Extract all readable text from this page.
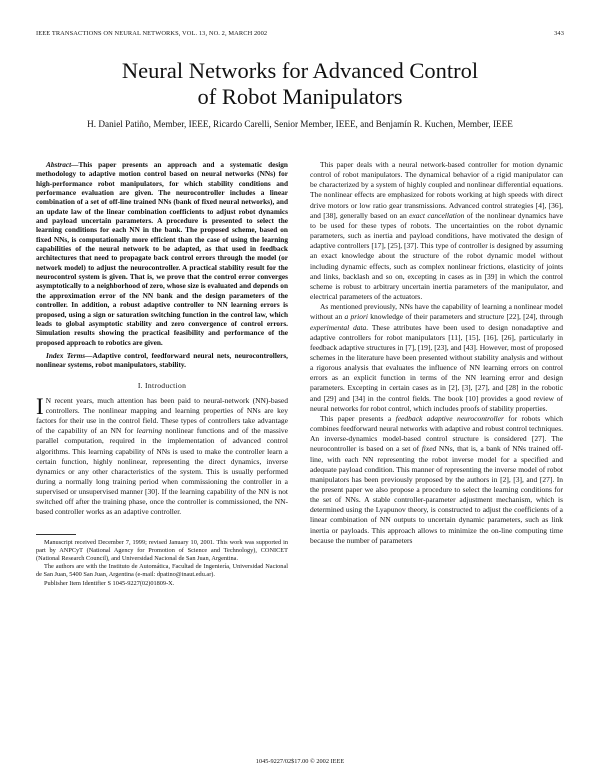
IEEE TRANSACTIONS ON NEURAL NETWORKS, VOL. 13, NO. 2, MARCH 2002	343
Neural Networks for Advanced Control
of Robot Manipulators
H. Daniel Patiño, Member, IEEE, Ricardo Carelli, Senior Member, IEEE, and Benjamín R. Kuchen, Member, IEEE

Abstract—This paper presents an approach and a systematic design methodology to adaptive motion control based on neural networks (NNs) for high-performance robot manipulators, for which stability conditions and performance evaluation are given. The neurocontroller includes a linear combination of a set of off-line trained NNs (bank of fixed neural networks), and an update law of the linear combination coefficients to adjust robot dynamics and payload uncertain parameters. A procedure is presented to select the learning conditions for each NN in the bank. The proposed scheme, based on fixed NNs, is computationally more efficient than the case of using the learning capabilities of the neural network to be adapted, as that used in feedback architectures that need to propagate back control errors through the model (or network model) to adjust the neurocontroller. A practical stability result for the neurocontrol system is given. That is, we prove that the control error converges asymptotically to a neighborhood of zero, whose size is evaluated and depends on the approximation error of the NN bank and the design parameters of the controller. In addition, a robust adaptive controller to NN learning errors is proposed, using a sign or saturation switching function in the control law, which leads to global asymptotic stability and zero convergence of control errors. Simulation results showing the practical feasibility and performance of the proposed approach to robotics are given.

Index Terms—Adaptive control, feedforward neural nets, neurocontrollers, nonlinear systems, robot manipulators, stability.

I. Introduction

I N recent years, much attention has been paid to neural-network (NN)-based controllers. The nonlinear mapping and learning properties of NNs are key factors for their use in the control field. These types of controllers take advantage of the capability of an NN for learning nonlinear functions and of the massive parallel computation, required in the implementation of advanced control algorithms. This learning capability of NNs is used to make the controller learn a certain function, highly nonlinear, representing the direct dynamics, inverse dynamics or any other characteristics of the system. This is usually performed during a normally long training period when commissioning the controller in a supervised or unsupervised manner [30]. If the learning capability of the NN is not switched off after the training phase, once the controller is commissioned, the NN-based controller works as an adaptive controller.

Manuscript received December 7, 1999; revised January 10, 2001. This work was supported in part by ANPCyT (National Agency for Promotion of Science and Technology), CONICET (National Research Council), and Universidad Nacional de San Juan, Argentina.

The authors are with the Instituto de Automática, Facultad de Ingeniería, Universidad Nacional de San Juan, 5400 San Juan, Argentina (e-mail: dpatino@inaut.edu.ar).

Publisher Item Identifier S 1045-9227(02)01809-X.

This paper deals with a neural network-based controller for motion dynamic control of robot manipulators. The dynamical behavior of a rigid manipulator can be characterized by a system of highly coupled and nonlinear differential equations. The nonlinear effects are emphasized for robots working at high speeds with direct drive motors or low ratio gear transmissions. Advanced control strategies [4], [36], and [38], generally based on an exact cancellation of the nonlinear dynamics have to be used for these types of robots. The uncertainties on the robot dynamic parameters, such as inertia and payload conditions, have motivated the design of adaptive controllers [17], [25], [37]. This type of controller is designed by assuming an exact knowledge about the structure of the robot dynamic model without including dynamic effects, such as complex nonlinear frictions, elasticity of joints and links, backlash and so on, excepting in cases as in [39] in which the control scheme is robust to arbitrary uncertain inertia parameters of the manipulator, and electrical parameters of the actuators.

As mentioned previously, NNs have the capability of learning a nonlinear model without an a priori knowledge of their parameters and structure [22], [24], through experimental data. These attributes have been used to design nonadaptive and adaptive controllers for robot manipulators [11], [15], [16], [26], particularly in feedback adaptive structures in [7], [19], [23], and [43]. However, most of proposed schemes in the literature have been presented without stability analysis and without a rigorous analysis that evaluates the influence of NN learning errors on control errors as an explicit function in terms of the NN learning error and design parameters. Excepting in certain cases as in [2], [3], [27], and [28] in the robotic and [29] and [34] in the control fields. The book [10] provides a good review of neural networks for robot control, which includes proofs of stability properties.

This paper presents a feedback adaptive neurocontroller for robots which combines feedforward neural networks with adaptive and robust control techniques. An inverse-dynamics model-based control structure is considered [27]. The neurocontroller is based on a set of fixed NNs, that is, a bank of NNs trained off-line, with each NN representing the robot inverse model for a specified and adequate payload condition. This manner of representing the inverse model of robot manipulators has been previously proposed by the authors in [2], [3], and [27]. In the present paper we also propose a procedure to select the learning conditions for the set of NNs. A stable controller-parameter adjustment mechanism, which is determined using the Lyapunov theory, is constructed to adjust the coefficients of a linear combination of NN outputs to uncertain dynamic parameters, such as link inertia or payloads. This approach allows to minimize the on-line computing time because the number of parameters

1045-9227/02$17.00 © 2002 IEEE
